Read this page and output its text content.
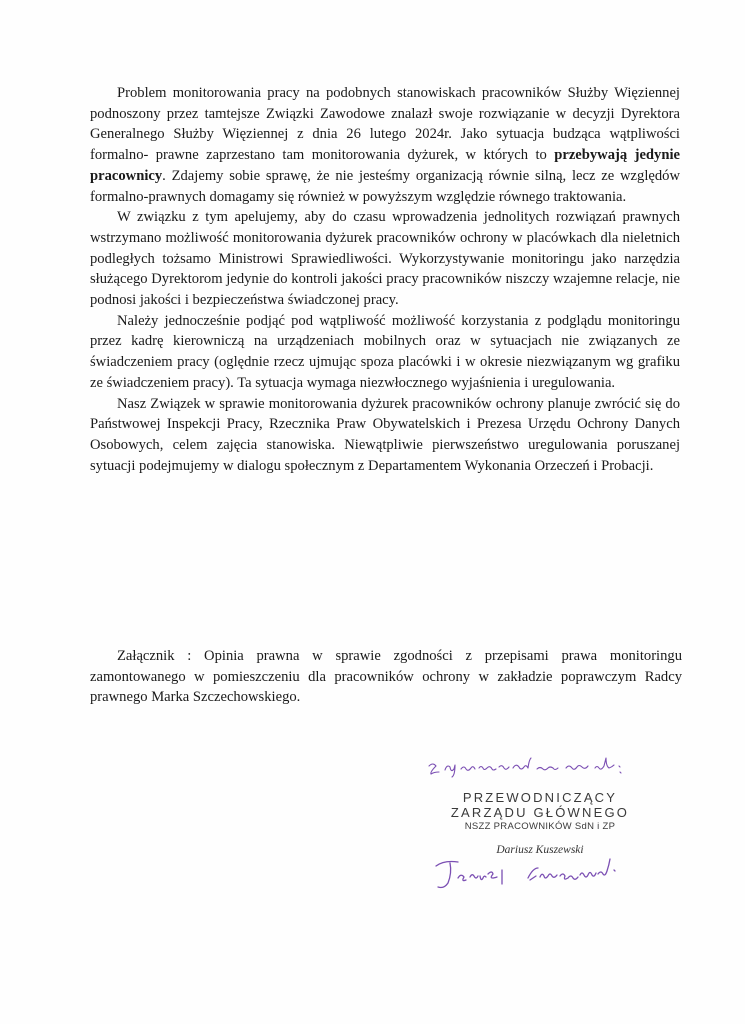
Problem monitorowania pracy na podobnych stanowiskach pracowników Służby Więziennej podnoszony przez tamtejsze Związki Zawodowe znalazł swoje rozwiązanie w decyzji Dyrektora Generalnego Służby Więziennej z dnia 26 lutego 2024r. Jako sytuacja budząca wątpliwości formalno- prawne zaprzestano tam monitorowania dyżurek, w których to przebywają jedynie pracownicy. Zdajemy sobie sprawę, że nie jesteśmy organizacją równie silną, lecz ze względów formalno-prawnych domagamy się również w powyższym względzie równego traktowania.

W związku z tym apelujemy, aby do czasu wprowadzenia jednolitych rozwiązań prawnych wstrzymano możliwość monitorowania dyżurek pracowników ochrony w placówkach dla nieletnich podległych tożsamo Ministrowi Sprawiedliwości. Wykorzystywanie monitoringu jako narzędzia służącego Dyrektorom jedynie do kontroli jakości pracy pracowników niszczy wzajemne relacje, nie podnosi jakości i bezpieczeństwa świadczonej pracy.

Należy jednocześnie podjąć pod wątpliwość możliwość korzystania z podglądu monitoringu przez kadrę kierowniczą na urządzeniach mobilnych oraz w sytuacjach nie związanych ze świadczeniem pracy (oględnie rzecz ujmując spoza placówki i w okresie niezwiązanym wg grafiku ze świadczeniem pracy). Ta sytuacja wymaga niezwłocznego wyjaśnienia i uregulowania.

Nasz Związek w sprawie monitorowania dyżurek pracowników ochrony planuje zwrócić się do Państwowej Inspekcji Pracy, Rzecznika Praw Obywatelskich i Prezesa Urzędu Ochrony Danych Osobowych, celem zajęcia stanowiska. Niewątpliwie pierwszeństwo uregulowania poruszanej sytuacji podejmujemy w dialogu społecznym z Departamentem Wykonania Orzeczeń i Probacji.

Załącznik : Opinia prawna w sprawie zgodności z przepisami prawa monitoringu zamontowanego w pomieszczeniu dla pracowników ochrony w zakładzie poprawczym Radcy prawnego Marka Szczechowskiego.

PRZEWODNICZĄCY
ZARZĄDU GŁÓWNEGO
NSZZ PRACOWNIKÓW SdN i ZP
Dariusz Kuszewski
